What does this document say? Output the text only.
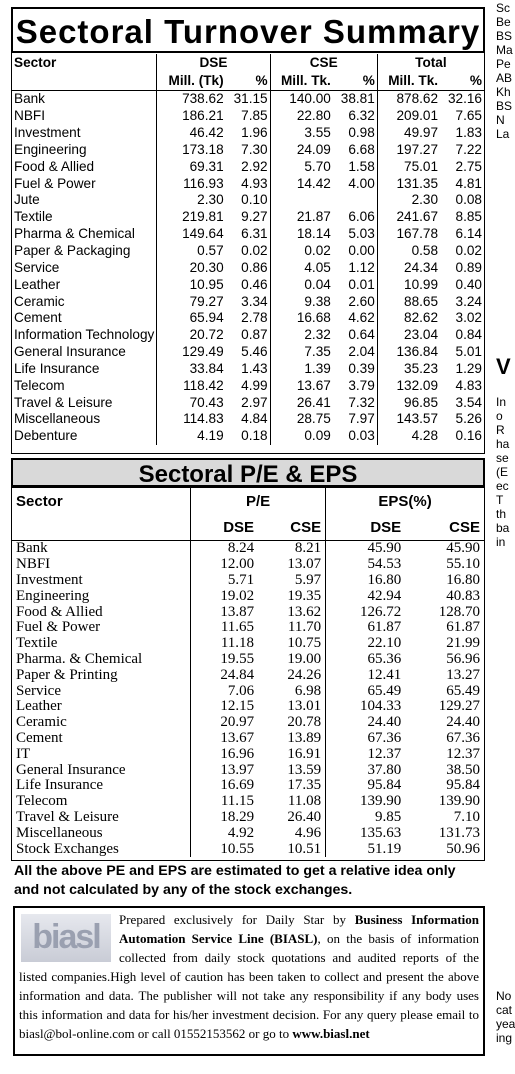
Sectoral Turnover Summary
Sector	DSE		CSE		Total	
	Mill. (Tk)	%	Mill. Tk.	%	Mill. Tk.	%
Bank	738.62	31.15	140.00	38.81	878.62	32.16
NBFI	186.21	7.85	22.80	6.32	209.01	7.65
Investment	46.42	1.96	3.55	0.98	49.97	1.83
Engineering	173.18	7.30	24.09	6.68	197.27	7.22
Food & Allied	69.31	2.92	5.70	1.58	75.01	2.75
Fuel & Power	116.93	4.93	14.42	4.00	131.35	4.81
Jute	2.30	0.10			2.30	0.08
Textile	219.81	9.27	21.87	6.06	241.67	8.85
Pharma & Chemical	149.64	6.31	18.14	5.03	167.78	6.14
Paper & Packaging	0.57	0.02	0.02	0.00	0.58	0.02
Service	20.30	0.86	4.05	1.12	24.34	0.89
Leather	10.95	0.46	0.04	0.01	10.99	0.40
Ceramic	79.27	3.34	9.38	2.60	88.65	3.24
Cement	65.94	2.78	16.68	4.62	82.62	3.02
Information Technology	20.72	0.87	2.32	0.64	23.04	0.84
General Insurance	129.49	5.46	7.35	2.04	136.84	5.01
Life Insurance	33.84	1.43	1.39	0.39	35.23	1.29
Telecom	118.42	4.99	13.67	3.79	132.09	4.83
Travel & Leisure	70.43	2.97	26.41	7.32	96.85	3.54
Miscellaneous	114.83	4.84	28.75	7.97	143.57	5.26
Debenture	4.19	0.18	0.09	0.03	4.28	0.16
Sectoral P/E & EPS
Sector	P/E		EPS(%)	
	DSE	CSE	DSE	CSE
Bank	8.24	8.21	45.90	45.90
NBFI	12.00	13.07	54.53	55.10
Investment	5.71	5.97	16.80	16.80
Engineering	19.02	19.35	42.94	40.83
Food & Allied	13.87	13.62	126.72	128.70
Fuel & Power	11.65	11.70	61.87	61.87
Textile	11.18	10.75	22.10	21.99
Pharma. & Chemical	19.55	19.00	65.36	56.96
Paper & Printing	24.84	24.26	12.41	13.27
Service	7.06	6.98	65.49	65.49
Leather	12.15	13.01	104.33	129.27
Ceramic	20.97	20.78	24.40	24.40
Cement	13.67	13.89	67.36	67.36
IT	16.96	16.91	12.37	12.37
General Insurance	13.97	13.59	37.80	38.50
Life Insurance	16.69	17.35	95.84	95.84
Telecom	11.15	11.08	139.90	139.90
Travel & Leisure	18.29	26.40	9.85	7.10
Miscellaneous	4.92	4.96	135.63	131.73
Stock Exchanges	10.55	10.51	51.19	50.96
All the above PE and EPS are estimated to get a relative idea only and not calculated by any of the stock exchanges.
biasl	Prepared exclusively for Daily Star by Business Information Automation Service Line (BIASL), on the basis of information collected from daily stock quotations and audited reports of the listed companies.High level of caution has been taken to collect and present the above information and data. The publisher will not take any responsibility if any body uses this information and data for his/her investment decision. For any query please email to biasl@bol-online.com or call 01552153562 or go to www.biasl.net
Sc
Be
BS
Ma
Pe
AB
Kh
BS
N
La
V
In
o
R
ha
se
(E
ec
T
th
ba
in
No
cat
yea
ing
